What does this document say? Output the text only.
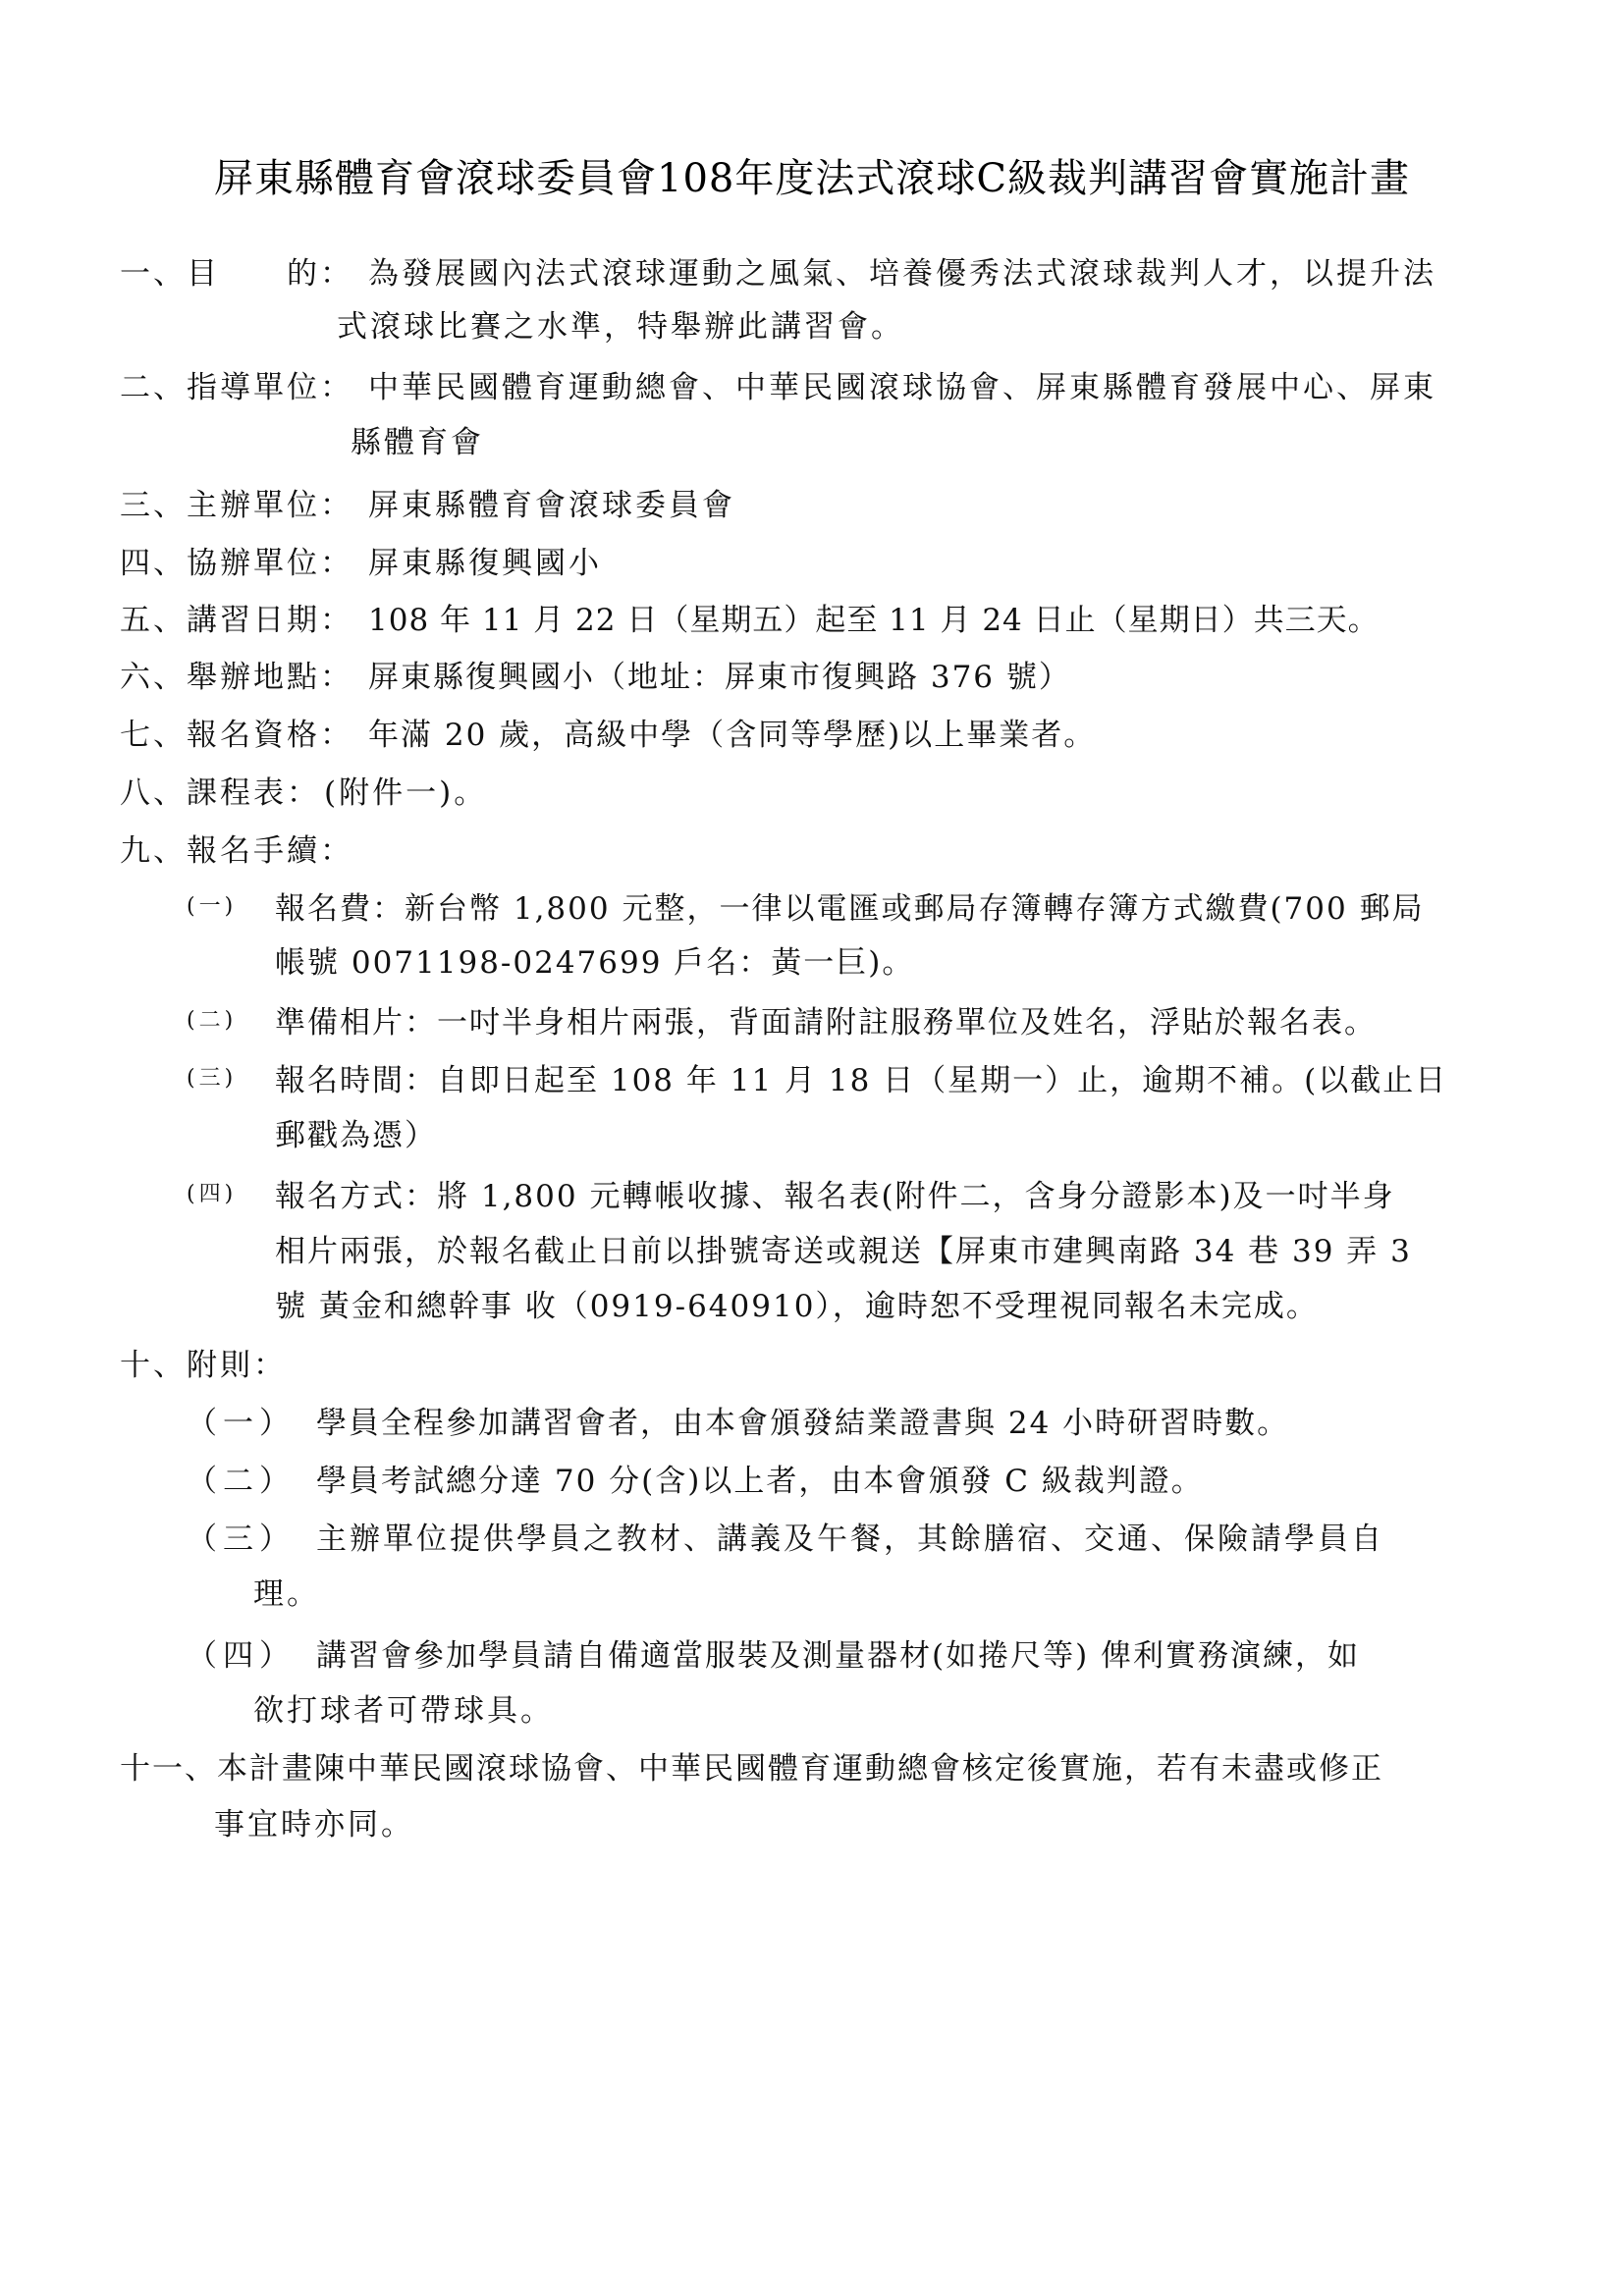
屏東縣體育會滾球委員會108年度法式滾球C級裁判講習會實施計畫
一、目　　的： 為發展國內法式滾球運動之風氣、培養優秀法式滾球裁判人才，以提升法
式滾球比賽之水準，特舉辦此講習會。
二、指導單位： 中華民國體育運動總會、中華民國滾球協會、屏東縣體育發展中心、屏東
縣體育會
三、主辦單位： 屏東縣體育會滾球委員會
四、協辦單位： 屏東縣復興國小
五、講習日期： 108 年 11 月 22 日（星期五）起至 11 月 24 日止（星期日）共三天。
六、舉辦地點： 屏東縣復興國小（地址：屏東市復興路 376 號）
七、報名資格： 年滿 20 歲，高級中學（含同等學歷)以上畢業者。
八、課程表： (附件一)。
九、報名手續：
(一) 報名費：新台幣 1,800 元整，一律以電匯或郵局存簿轉存簿方式繳費(700 郵局
帳號 0071198-0247699 戶名：黃一巨)。
(二) 準備相片：一吋半身相片兩張，背面請附註服務單位及姓名，浮貼於報名表。
(三) 報名時間：自即日起至 108 年 11 月 18 日（星期一）止，逾期不補。(以截止日
郵戳為憑）
(四) 報名方式：將 1,800 元轉帳收據、報名表(附件二，含身分證影本)及一吋半身
相片兩張，於報名截止日前以掛號寄送或親送【屏東市建興南路 34 巷 39 弄 3
號 黃金和總幹事 收（0919-640910），逾時恕不受理視同報名未完成。
十、附則：
（一） 學員全程參加講習會者，由本會頒發結業證書與 24 小時研習時數。
（二） 學員考試總分達 70 分(含)以上者，由本會頒發 C 級裁判證。
（三） 主辦單位提供學員之教材、講義及午餐，其餘膳宿、交通、保險請學員自
理。
（四） 講習會參加學員請自備適當服裝及測量器材(如捲尺等) 俾利實務演練，如
欲打球者可帶球具。
十一、本計畫陳中華民國滾球協會、中華民國體育運動總會核定後實施，若有未盡或修正
事宜時亦同。
